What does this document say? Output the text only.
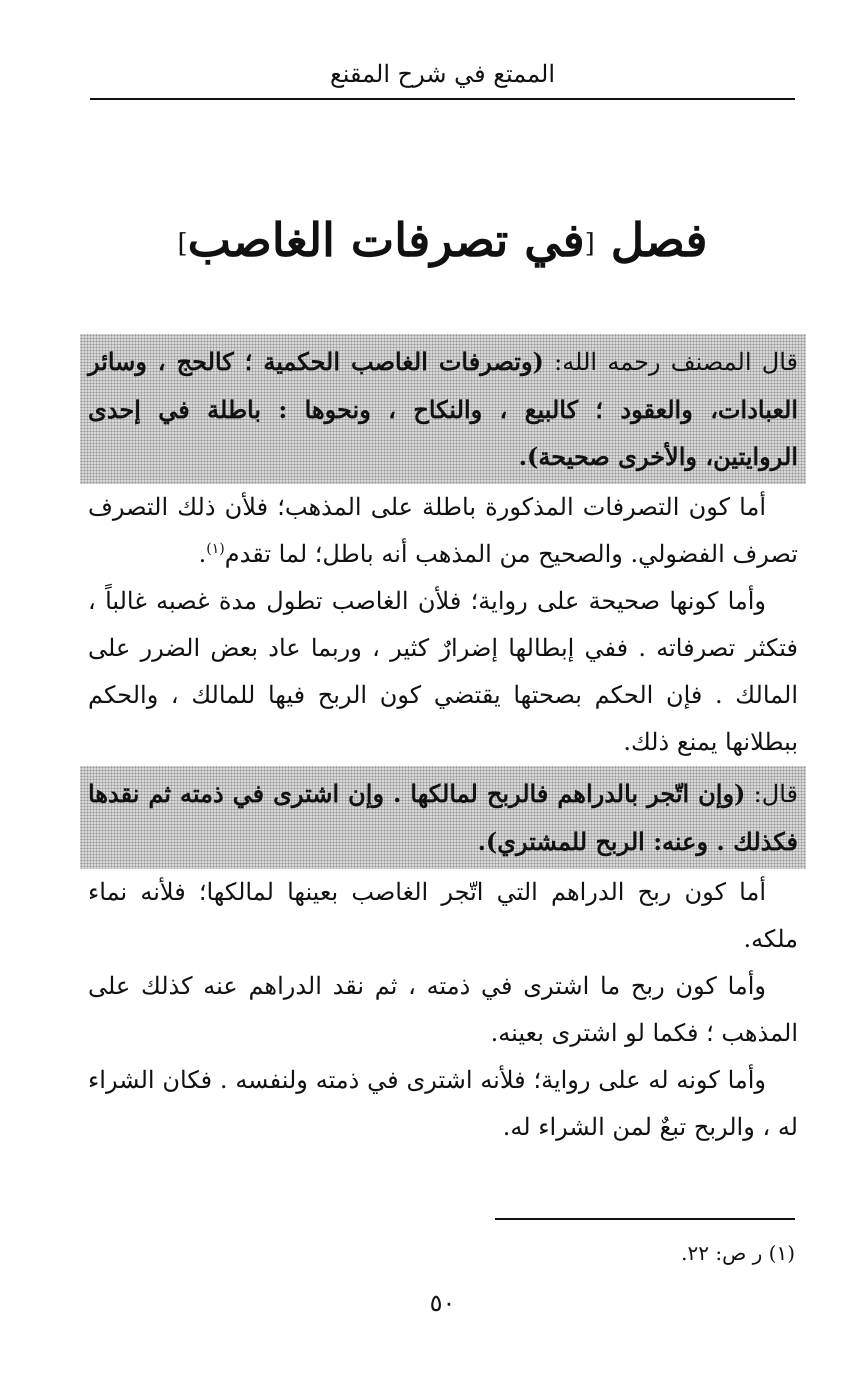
الممتع في شرح المقنع
فصل [في تصرفات الغاصب]
قال المصنف رحمه الله: (وتصرفات الغاصب الحكمية ؛ كالحج ، وسائر العبادات، والعقود ؛ كالبيع ، والنكاح ، ونحوها : باطلة في إحدى الروايتين، والأخرى صحيحة).

أما كون التصرفات المذكورة باطلة على المذهب؛ فلأن ذلك التصرف تصرف الفضولي. والصحيح من المذهب أنه باطل؛ لما تقدم$^{(١)}$.

وأما كونها صحيحة على رواية؛ فلأن الغاصب تطول مدة غصبه غالباً ، فتكثر تصرفاته . ففي إبطالها إضرارٌ كثير ، وربما عاد بعض الضرر على المالك . فإن الحكم بصحتها يقتضي كون الربح فيها للمالك ، والحكم ببطلانها يمنع ذلك.

قال: (وإن اتّجر بالدراهم فالربح لمالكها . وإن اشترى في ذمته ثم نقدها فكذلك . وعنه: الربح للمشتري).

أما كون ربح الدراهم التي اتّجر الغاصب بعينها لمالكها؛ فلأنه نماء ملكه.

وأما كون ربح ما اشترى في ذمته ، ثم نقد الدراهم عنه كذلك على المذهب ؛ فكما لو اشترى بعينه.

وأما كونه له على رواية؛ فلأنه اشترى في ذمته ولنفسه . فكان الشراء له ، والربح تبعٌ لمن الشراء له.

(١) ر ص: ٢٢.
٥٠
